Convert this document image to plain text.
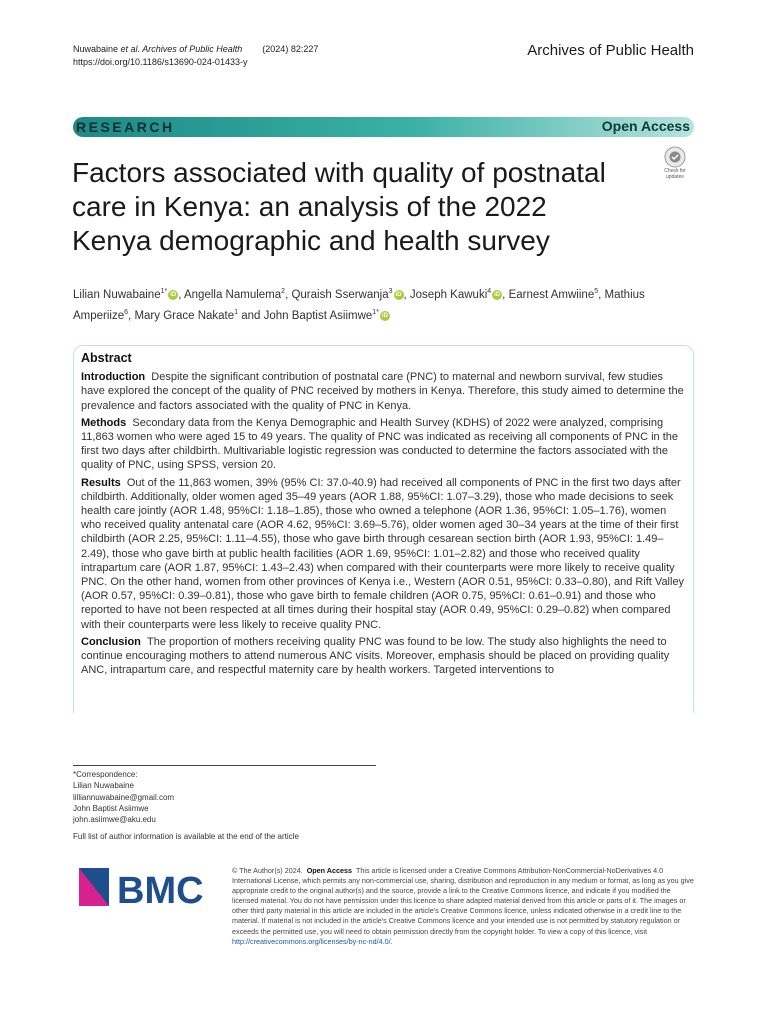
Nuwabaine et al. Archives of Public Health (2024) 82:227
https://doi.org/10.1186/s13690-024-01433-y
Archives of Public Health
RESEARCH	Open Access
Factors associated with quality of postnatal care in Kenya: an analysis of the 2022 Kenya demographic and health survey
Check for updates
Lilian Nuwabaine$^{1*}$ iD , Angella Namulema$^2$, Quraish Sserwanja$^3$ iD , Joseph Kawuki$^4$ iD , Earnest Amwiine$^5$, Mathius Amperiize$^6$, Mary Grace Nakate$^1$ and John Baptist Asiimwe$^{1*}$ iD
Abstract

Introduction Despite the significant contribution of postnatal care (PNC) to maternal and newborn survival, few studies have explored the concept of the quality of PNC received by mothers in Kenya. Therefore, this study aimed to determine the prevalence and factors associated with the quality of PNC in Kenya.

Methods Secondary data from the Kenya Demographic and Health Survey (KDHS) of 2022 were analyzed, comprising 11,863 women who were aged 15 to 49 years. The quality of PNC was indicated as receiving all components of PNC in the first two days after childbirth. Multivariable logistic regression was conducted to determine the factors associated with the quality of PNC, using SPSS, version 20.

Results Out of the 11,863 women, 39% (95% CI: 37.0-40.9) had received all components of PNC in the first two days after childbirth. Additionally, older women aged 35–49 years (AOR 1.88, 95%CI: 1.07–3.29), those who made decisions to seek health care jointly (AOR 1.48, 95%CI: 1.18–1.85), those who owned a telephone (AOR 1.36, 95%CI: 1.05–1.76), women who received quality antenatal care (AOR 4.62, 95%CI: 3.69–5.76), older women aged 30–34 years at the time of their first childbirth (AOR 2.25, 95%CI: 1.11–4.55), those who gave birth through cesarean section birth (AOR 1.93, 95%CI: 1.49–2.49), those who gave birth at public health facilities (AOR 1.69, 95%CI: 1.01–2.82) and those who received quality intrapartum care (AOR 1.87, 95%CI: 1.43–2.43) when compared with their counterparts were more likely to receive quality PNC. On the other hand, women from other provinces of Kenya i.e., Western (AOR 0.51, 95%CI: 0.33–0.80), and Rift Valley (AOR 0.57, 95%CI: 0.39–0.81), those who gave birth to female children (AOR 0.75, 95%CI: 0.61–0.91) and those who reported to have not been respected at all times during their hospital stay (AOR 0.49, 95%CI: 0.29–0.82) when compared with their counterparts were less likely to receive quality PNC.

Conclusion The proportion of mothers receiving quality PNC was found to be low. The study also highlights the need to continue encouraging mothers to attend numerous ANC visits. Moreover, emphasis should be placed on providing quality ANC, intrapartum care, and respectful maternity care by health workers. Targeted interventions to

*Correspondence:
Lilian Nuwabaine
lilliannuwabaine@gmail.com
John Baptist Asiimwe
john.asiimwe@aku.edu
Full list of author information is available at the end of the article
BMC	© The Author(s) 2024. Open Access This article is licensed under a Creative Commons Attribution-NonCommercial-NoDerivatives 4.0 International License, which permits any non-commercial use, sharing, distribution and reproduction in any medium or format, as long as you give appropriate credit to the original author(s) and the source, provide a link to the Creative Commons licence, and indicate if you modified the licensed material. You do not have permission under this licence to share adapted material derived from this article or parts of it. The images or other third party material in this article are included in the article's Creative Commons licence, unless indicated otherwise in a credit line to the material. If material is not included in the article's Creative Commons licence and your intended use is not permitted by statutory regulation or exceeds the permitted use, you will need to obtain permission directly from the copyright holder. To view a copy of this licence, visit http://creativecommons.org/licenses/by-nc-nd/4.0/.
